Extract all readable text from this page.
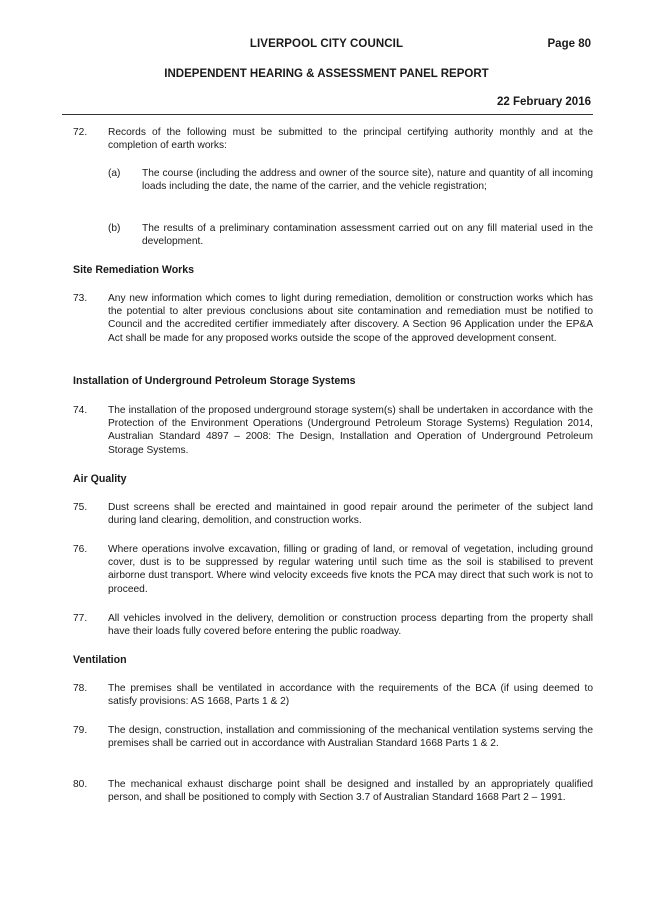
LIVERPOOL CITY COUNCIL	Page 80
INDEPENDENT HEARING & ASSESSMENT PANEL REPORT
22 February 2016
72. Records of the following must be submitted to the principal certifying authority monthly and at the completion of earth works:
(a) The course (including the address and owner of the source site), nature and quantity of all incoming loads including the date, the name of the carrier, and the vehicle registration;
(b) The results of a preliminary contamination assessment carried out on any fill material used in the development.
Site Remediation Works
73. Any new information which comes to light during remediation, demolition or construction works which has the potential to alter previous conclusions about site contamination and remediation must be notified to Council and the accredited certifier immediately after discovery. A Section 96 Application under the EP&A Act shall be made for any proposed works outside the scope of the approved development consent.
Installation of Underground Petroleum Storage Systems
74. The installation of the proposed underground storage system(s) shall be undertaken in accordance with the Protection of the Environment Operations (Underground Petroleum Storage Systems) Regulation 2014, Australian Standard 4897 – 2008: The Design, Installation and Operation of Underground Petroleum Storage Systems.
Air Quality
75. Dust screens shall be erected and maintained in good repair around the perimeter of the subject land during land clearing, demolition, and construction works.
76. Where operations involve excavation, filling or grading of land, or removal of vegetation, including ground cover, dust is to be suppressed by regular watering until such time as the soil is stabilised to prevent airborne dust transport. Where wind velocity exceeds five knots the PCA may direct that such work is not to proceed.
77. All vehicles involved in the delivery, demolition or construction process departing from the property shall have their loads fully covered before entering the public roadway.
Ventilation
78. The premises shall be ventilated in accordance with the requirements of the BCA (if using deemed to satisfy provisions: AS 1668, Parts 1 & 2)
79. The design, construction, installation and commissioning of the mechanical ventilation systems serving the premises shall be carried out in accordance with Australian Standard 1668 Parts 1 & 2.
80. The mechanical exhaust discharge point shall be designed and installed by an appropriately qualified person, and shall be positioned to comply with Section 3.7 of Australian Standard 1668 Part 2 – 1991.
